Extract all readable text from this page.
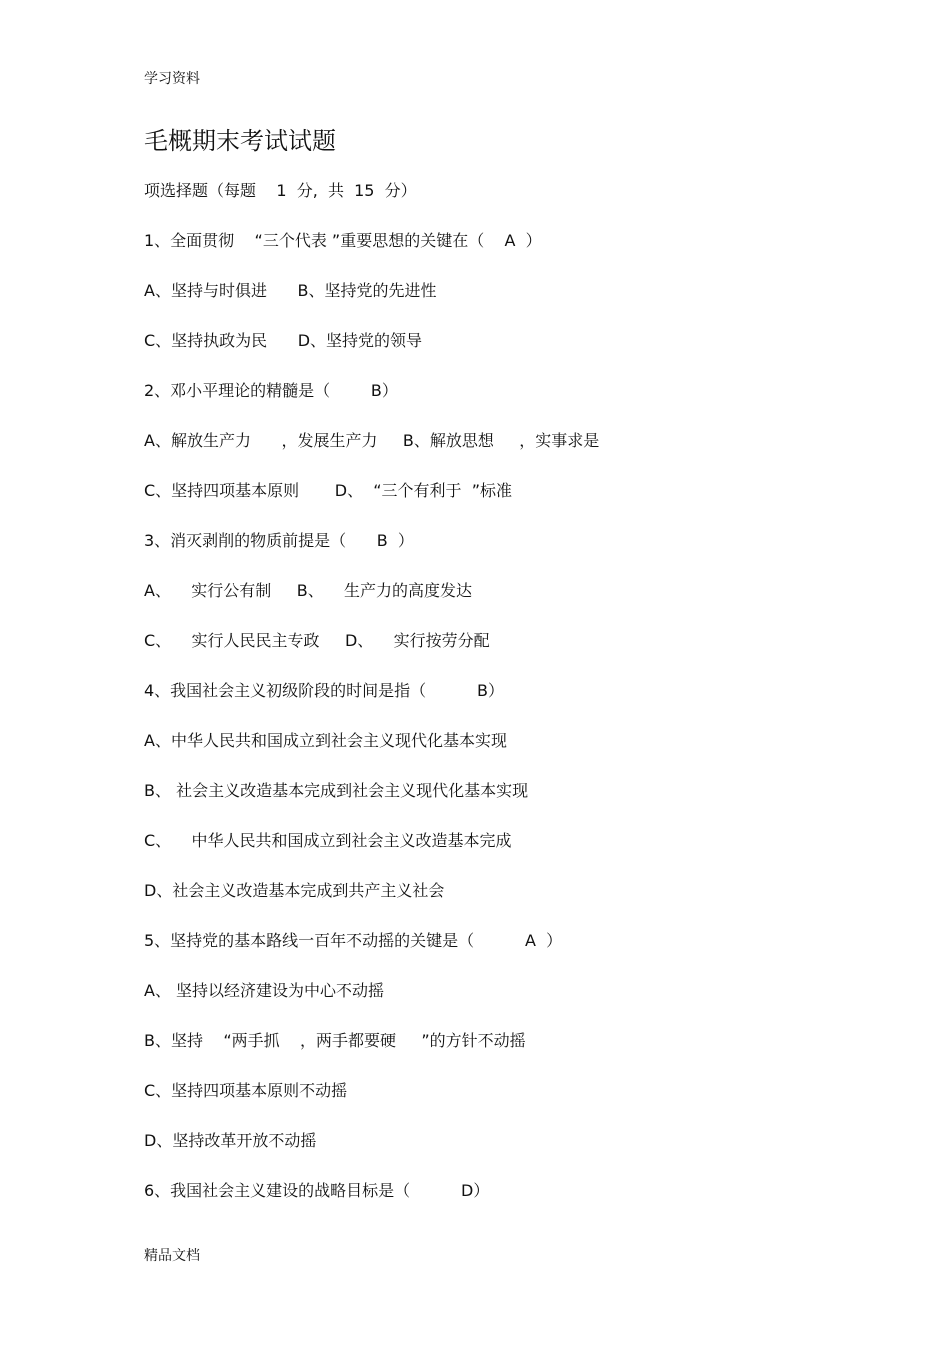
学习资料
毛概期末考试试题
项选择题（每题    1  分,  共  15  分）
1、全面贯彻    “三个代表 ”重要思想的关键在（    A  ）
A、坚持与时俱进      B、坚持党的先进性
C、坚持执政为民      D、坚持党的领导
2、邓小平理论的精髓是（        B）
A、解放生产力      ，发展生产力     B、解放思想     ，实事求是
C、坚持四项基本原则       D、  “三个有利于  ”标准
3、消灭剥削的物质前提是（      B  ）
A、    实行公有制     B、    生产力的高度发达
C、    实行人民民主专政     D、    实行按劳分配
4、我国社会主义初级阶段的时间是指（          B）
A、中华人民共和国成立到社会主义现代化基本实现
B、 社会主义改造基本完成到社会主义现代化基本实现
C、    中华人民共和国成立到社会主义改造基本完成
D、社会主义改造基本完成到共产主义社会
5、坚持党的基本路线一百年不动摇的关键是（          A  ）
A、 坚持以经济建设为中心不动摇
B、坚持    “两手抓    ，两手都要硬     ”的方针不动摇
C、坚持四项基本原则不动摇
D、坚持改革开放不动摇
6、我国社会主义建设的战略目标是（          D）
精品文档
